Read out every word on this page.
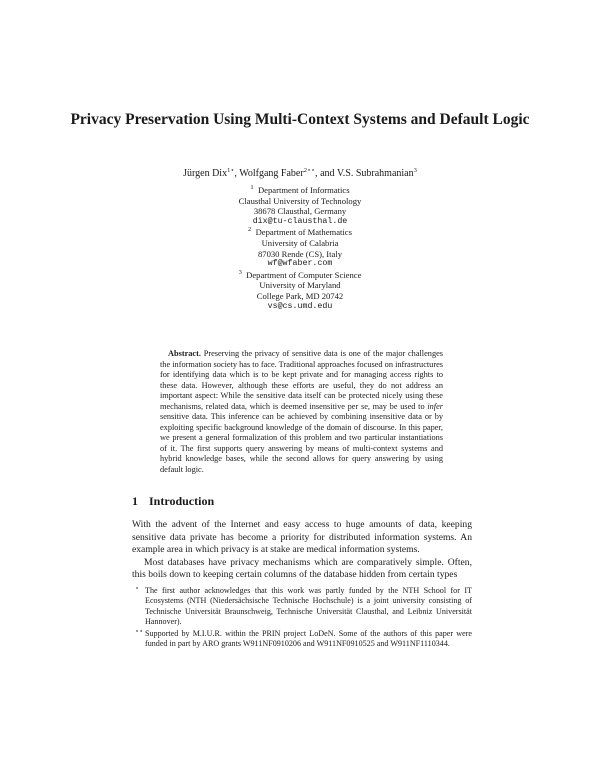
Privacy Preservation Using Multi-Context Systems and Default Logic
Jürgen Dix$^{1⋆}$, Wolfgang Faber$^{2⋆⋆}$, and V.S. Subrahmanian$^3$
$^1$ Department of Informatics
Clausthal University of Technology
38678 Clausthal, Germany
dix@tu-clausthal.de
$^2$ Department of Mathematics
University of Calabria
87030 Rende (CS), Italy
wf@wfaber.com
$^3$ Department of Computer Science
University of Maryland
College Park, MD 20742
vs@cs.umd.edu
Abstract. Preserving the privacy of sensitive data is one of the major challenges the information society has to face. Traditional approaches focused on infrastructures for identifying data which is to be kept private and for managing access rights to these data. However, although these efforts are useful, they do not address an important aspect: While the sensitive data itself can be protected nicely using these mechanisms, related data, which is deemed insensitive per se, may be used to infer sensitive data. This inference can be achieved by combining insensitive data or by exploiting specific background knowledge of the domain of discourse. In this paper, we present a general formalization of this problem and two particular instantiations of it. The first supports query answering by means of multi-context systems and hybrid knowledge bases, while the second allows for query answering by using default logic.
1 Introduction

With the advent of the Internet and easy access to huge amounts of data, keeping sensitive data private has become a priority for distributed information systems. An example area in which privacy is at stake are medical information systems.

Most databases have privacy mechanisms which are comparatively simple. Often, this boils down to keeping certain columns of the database hidden from certain types

⋆ The first author acknowledges that this work was partly funded by the NTH School for IT Ecosystems (NTH (Niedersächsische Technische Hochschule) is a joint university consisting of Technische Universität Braunschweig, Technische Universität Clausthal, and Leibniz Universität Hannover).
⋆⋆ Supported by M.I.U.R. within the PRIN project LoDeN. Some of the authors of this paper were funded in part by ARO grants W911NF0910206 and W911NF0910525 and W911NF1110344.
